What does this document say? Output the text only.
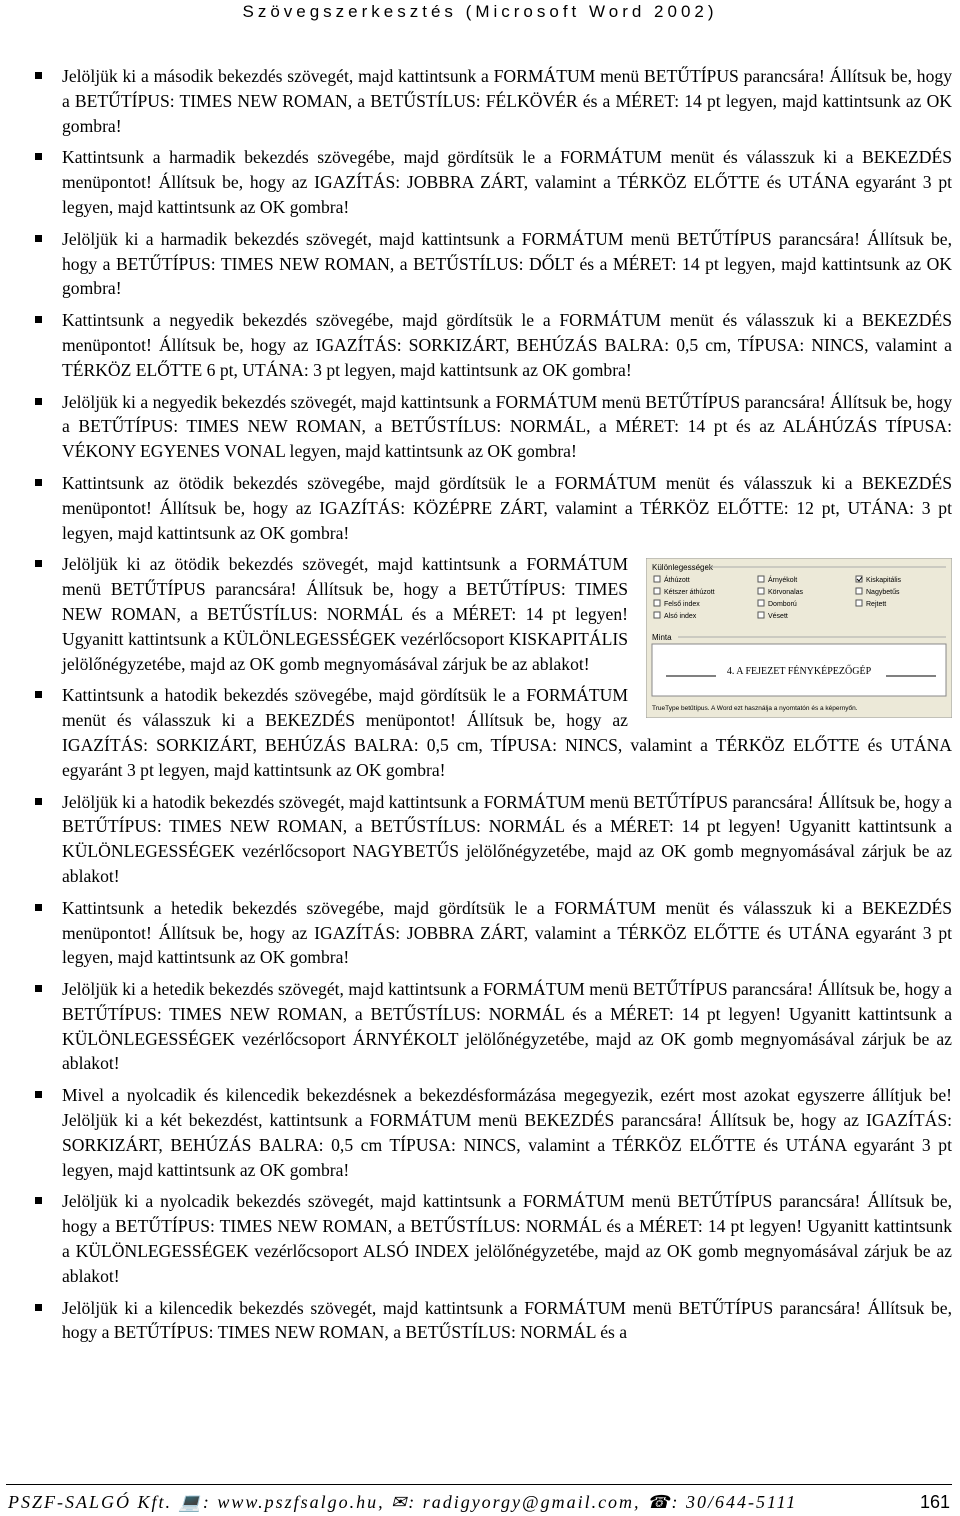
Szövegszerkesztés (Microsoft Word 2002)
Jelöljük ki a második bekezdés szövegét, majd kattintsunk a FORMÁTUM menü BETŰTÍPUS parancsára! Állítsuk be, hogy a BETŰTÍPUS: TIMES NEW ROMAN, a BETŰSTÍLUS: FÉLKÖVÉR és a MÉRET: 14 pt legyen, majd kattintsunk az OK gombra!
Kattintsunk a harmadik bekezdés szövegébe, majd gördítsük le a FORMÁTUM menüt és válasszuk ki a BEKEZDÉS menüpontot! Állítsuk be, hogy az IGAZÍTÁS: JOBBRA ZÁRT, valamint a TÉRKÖZ ELŐTTE és UTÁNA egyaránt 3 pt legyen, majd kattintsunk az OK gombra!
Jelöljük ki a harmadik bekezdés szövegét, majd kattintsunk a FORMÁTUM menü BETŰTÍPUS parancsára! Állítsuk be, hogy a BETŰTÍPUS: TIMES NEW ROMAN, a BETŰSTÍLUS: DŐLT és a MÉRET: 14 pt legyen, majd kattintsunk az OK gombra!
Kattintsunk a negyedik bekezdés szövegébe, majd gördítsük le a FORMÁTUM menüt és válasszuk ki a BEKEZDÉS menüpontot! Állítsuk be, hogy az IGAZÍTÁS: SORKIZÁRT, BEHÚZÁS BALRA: 0,5 cm, TÍPUSA: NINCS, valamint a TÉRKÖZ ELŐTTE 6 pt, UTÁNA: 3 pt legyen, majd kattintsunk az OK gombra!
Jelöljük ki a negyedik bekezdés szövegét, majd kattintsunk a FORMÁTUM menü BETŰTÍPUS parancsára! Állítsuk be, hogy a BETŰTÍPUS: TIMES NEW ROMAN, a BETŰSTÍLUS: NORMÁL, a MÉRET: 14 pt és az ALÁHÚZÁS TÍPUSA: VÉKONY EGYENES VONAL legyen, majd kattintsunk az OK gombra!
Kattintsunk az ötödik bekezdés szövegébe, majd gördítsük le a FORMÁTUM menüt és válasszuk ki a BEKEZDÉS menüpontot! Állítsuk be, hogy az IGAZÍTÁS: KÖZÉPRE ZÁRT, valamint a TÉRKÖZ ELŐTTE: 12 pt, UTÁNA: 3 pt legyen, majd kattintsunk az OK gombra!
Különlegességek
Áthúzott
Kétszer áthúzott
Felső index
Alsó index
Árnyékolt
Körvonalas
Domború
Vésett
Kiskapitális
Nagybetűs
Rejtett
Minta
4. A FEJEZET FÉNYKÉPEZŐGÉP
TrueType betűtípus. A Word ezt használja a nyomtatón és a képernyőn.
Jelöljük ki az ötödik bekezdés szövegét, majd kattintsunk a FORMÁTUM menü BETŰTÍPUS parancsára! Állítsuk be, hogy a BETŰTÍPUS: TIMES NEW ROMAN, a BETŰSTÍLUS: NORMÁL és a MÉRET: 14 pt legyen! Ugyanitt kattintsunk a KÜLÖNLEGESSÉGEK vezérlőcsoport KISKAPITÁLIS jelölőnégyzetébe, majd az OK gomb megnyomásával zárjuk be az ablakot!
Kattintsunk a hatodik bekezdés szövegébe, majd gördítsük le a FORMÁTUM menüt és válasszuk ki a BEKEZDÉS menüpontot! Állítsuk be, hogy az IGAZÍTÁS: SORKIZÁRT, BEHÚZÁS BALRA: 0,5 cm, TÍPUSA: NINCS, valamint a TÉRKÖZ ELŐTTE és UTÁNA egyaránt 3 pt legyen, majd kattintsunk az OK gombra!
Jelöljük ki a hatodik bekezdés szövegét, majd kattintsunk a FORMÁTUM menü BETŰTÍPUS parancsára! Állítsuk be, hogy a BETŰTÍPUS: TIMES NEW ROMAN, a BETŰSTÍLUS: NORMÁL és a MÉRET: 14 pt legyen! Ugyanitt kattintsunk a KÜLÖNLEGESSÉGEK vezérlőcsoport NAGYBETŰS jelölőnégyzetébe, majd az OK gomb megnyomásával zárjuk be az ablakot!
Kattintsunk a hetedik bekezdés szövegébe, majd gördítsük le a FORMÁTUM menüt és válasszuk ki a BEKEZDÉS menüpontot! Állítsuk be, hogy az IGAZÍTÁS: JOBBRA ZÁRT, valamint a TÉRKÖZ ELŐTTE és UTÁNA egyaránt 3 pt legyen, majd kattintsunk az OK gombra!
Jelöljük ki a hetedik bekezdés szövegét, majd kattintsunk a FORMÁTUM menü BETŰTÍPUS parancsára! Állítsuk be, hogy a BETŰTÍPUS: TIMES NEW ROMAN, a BETŰSTÍLUS: NORMÁL és a MÉRET: 14 pt legyen! Ugyanitt kattintsunk a KÜLÖNLEGESSÉGEK vezérlőcsoport ÁRNYÉKOLT jelölőnégyzetébe, majd az OK gomb megnyomásával zárjuk be az ablakot!
Mivel a nyolcadik és kilencedik bekezdésnek a bekezdésformázása megegyezik, ezért most azokat egyszerre állítjuk be! Jelöljük ki a két bekezdést, kattintsunk a FORMÁTUM menü BEKEZDÉS parancsára! Állítsuk be, hogy az IGAZÍTÁS: SORKIZÁRT, BEHÚZÁS BALRA: 0,5 cm TÍPUSA: NINCS, valamint a TÉRKÖZ ELŐTTE és UTÁNA egyaránt 3 pt legyen, majd kattintsunk az OK gombra!
Jelöljük ki a nyolcadik bekezdés szövegét, majd kattintsunk a FORMÁTUM menü BETŰTÍPUS parancsára! Állítsuk be, hogy a BETŰTÍPUS: TIMES NEW ROMAN, a BETŰSTÍLUS: NORMÁL és a MÉRET: 14 pt legyen! Ugyanitt kattintsunk a KÜLÖNLEGESSÉGEK vezérlőcsoport ALSÓ INDEX jelölőnégyzetébe, majd az OK gomb megnyomásával zárjuk be az ablakot!
Jelöljük ki a kilencedik bekezdés szövegét, majd kattintsunk a FORMÁTUM menü BETŰTÍPUS parancsára! Állítsuk be, hogy a BETŰTÍPUS: TIMES NEW ROMAN, a BETŰSTÍLUS: NORMÁL és a
PSZF-SALGÓ Kft. 💻: www.pszfsalgo.hu, ✉: radigyorgy@gmail.com, ☎: 30/644-5111	161
